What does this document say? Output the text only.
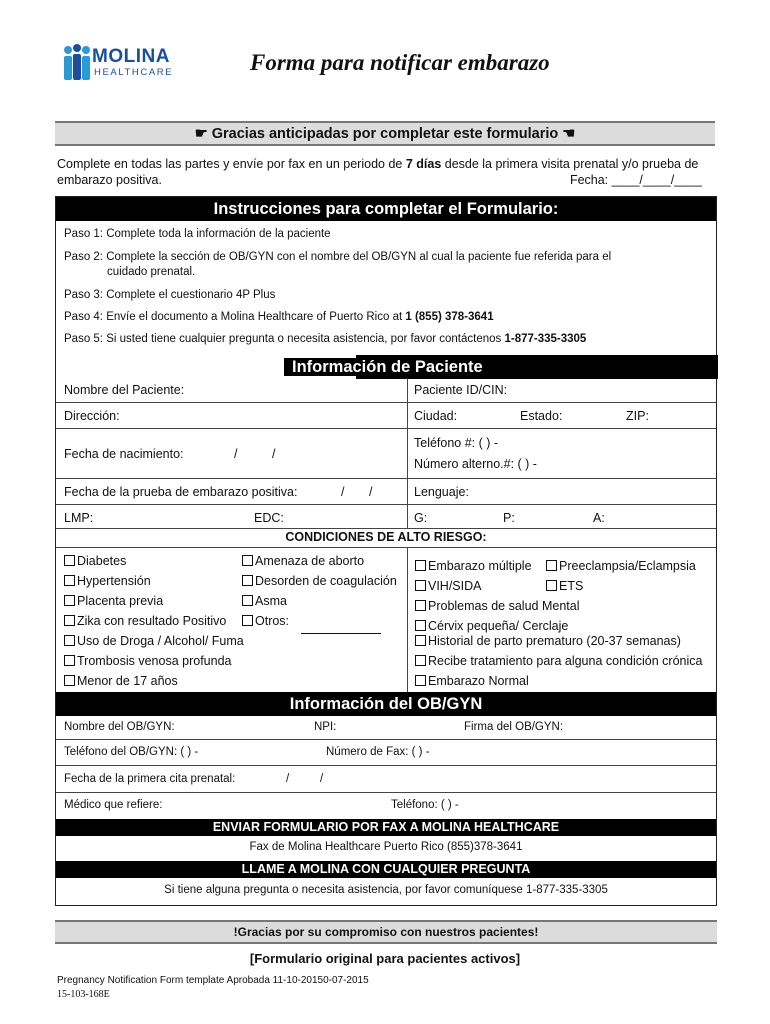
MOLINA
HEALTHCARE	Forma para notificar embarazo
☛ Gracias anticipadas por completar este formulario ☚
Complete en todas las partes y envíe por fax en un periodo de 7 días desde la primera visita prenatal y/o prueba de embarazo positiva.	Fecha: ____/____/____
Instrucciones para completar el Formulario:
Paso 1: Complete toda la información de la paciente
Paso 2: Complete la sección de OB/GYN con el nombre del OB/GYN al cual la paciente fue referida para el
cuidado prenatal.
Paso 3: Complete el cuestionario 4P Plus
Paso 4: Envíe el documento a Molina Healthcare of Puerto Rico at 1 (855) 378-3641
Paso 5: Si usted tiene cualquier pregunta o necesita asistencia, por favor contáctenos 1-877-335-3305
Información de Paciente
Nombre del Paciente:	Paciente ID/CIN:
Dirección:	Ciudad:	Estado:	ZIP:
Fecha de nacimiento:	/	/
Teléfono #: ( ) -
Número alterno.#: ( ) -
Fecha de la prueba de embarazo positiva:	/ /	Lenguaje:
LMP:	EDC:	G:	P:	A:
CONDICIONES DE ALTO RIESGO:
Diabetes
Hypertensión
Placenta previa
Zika con resultado Positivo
Uso de Droga / Alcohol/ Fuma
Trombosis venosa profunda
Menor de 17 años
Amenaza de aborto
Desorden de coagulación
Asma
Otros:
Embarazo múltiple
VIH/SIDA
Problemas de salud Mental
Cérvix pequeña/ Cerclaje
Historial de parto prematuro (20-37 semanas)
Recibe tratamiento para alguna condición crónica
Embarazo Normal
Preeclampsia/Eclampsia
ETS
Información del OB/GYN
Nombre del OB/GYN:	NPI:	Firma del OB/GYN:
Teléfono del OB/GYN: ( ) -	Número de Fax: ( ) -
Fecha de la primera cita prenatal:	/	/
Médico que refiere:	Teléfono: ( ) -
ENVIAR FORMULARIO POR FAX A MOLINA HEALTHCARE
Fax de Molina Healthcare Puerto Rico (855)378-3641
LLAME A MOLINA CON CUALQUIER PREGUNTA
Si tiene alguna pregunta o necesita asistencia, por favor comuníquese 1-877-335-3305
!Gracias por su compromiso con nuestros pacientes!
[Formulario original para pacientes activos]
Pregnancy Notification Form template Aprobada 11-10-20150-07-2015
15-103-168E
